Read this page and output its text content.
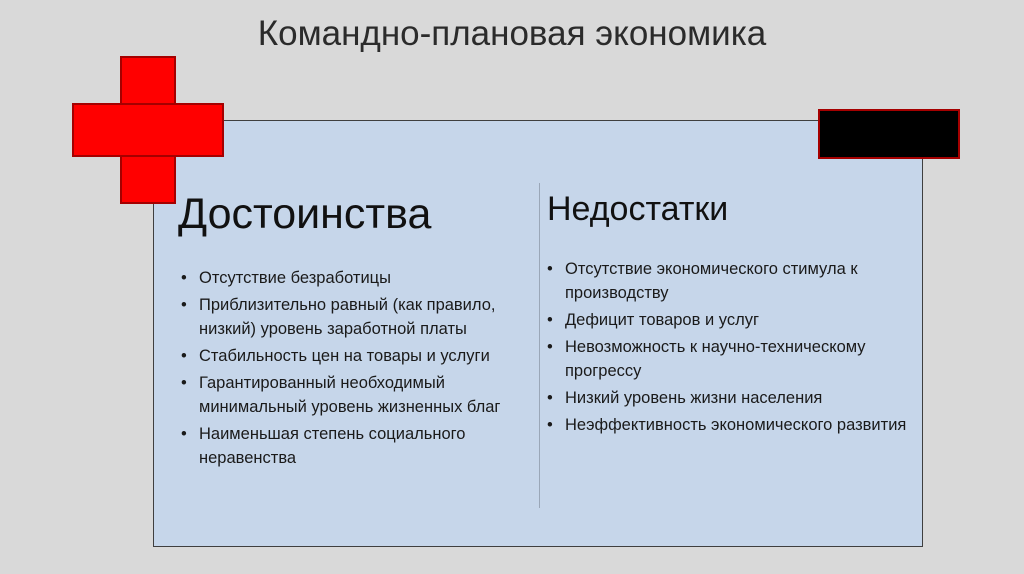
Командно-плановая экономика
Достоинства	Недостатки
• Отсутствие безработицы
• Приблизительно равный (как правило, низкий) уровень заработной платы
• Стабильность цен на товары и услуги
• Гарантированный необходимый минимальный уровень жизненных благ
• Наименьшая степень социального неравенства
• Отсутствие экономического стимула к производству
• Дефицит товаров и услуг
• Невозможность к научно-техническому прогрессу
• Низкий уровень жизни населения
• Неэффективность экономического развития
